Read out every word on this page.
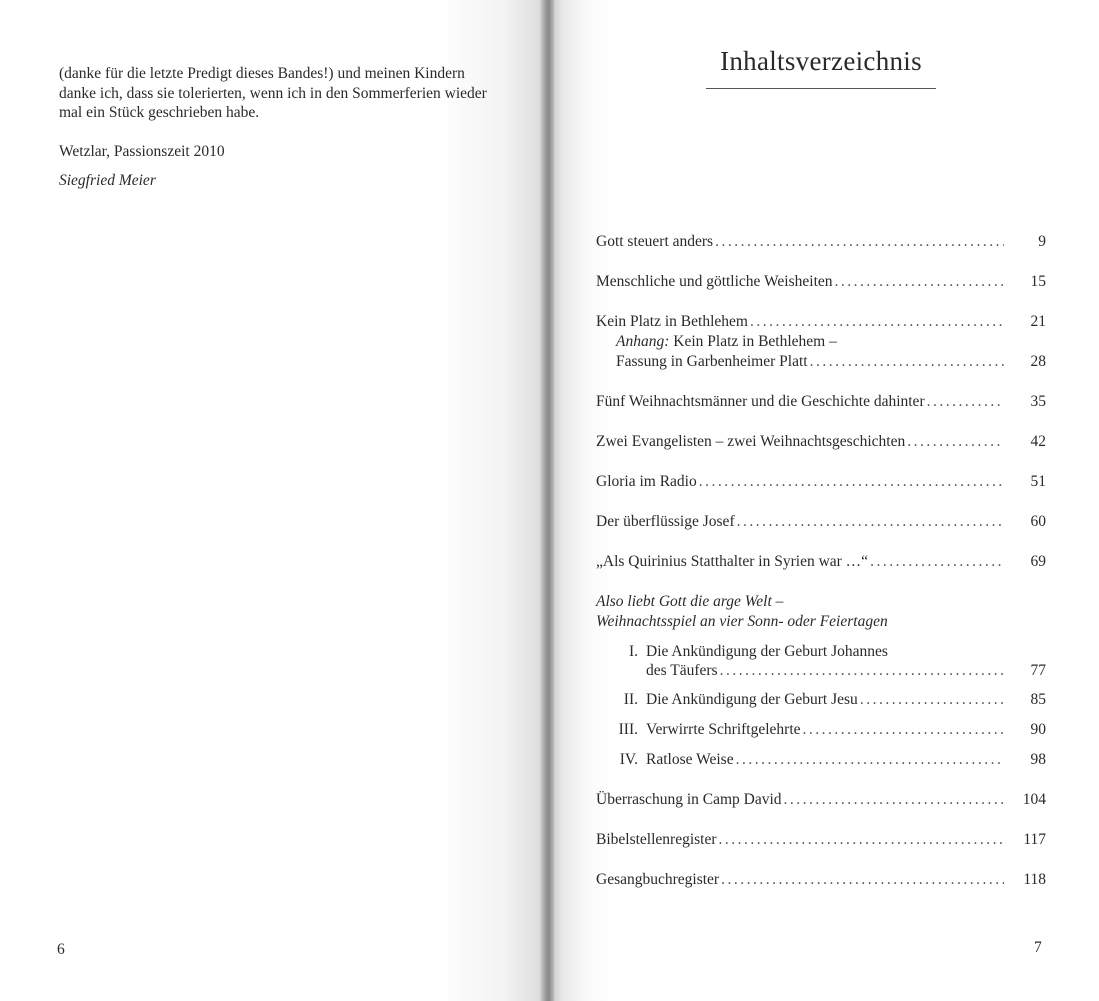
(danke für die letzte Predigt dieses Bandes!) und meinen Kindern

danke ich, dass sie tolerierten, wenn ich in den Sommerferien wieder

mal ein Stück geschrieben habe.

Wetzlar, Passionszeit 2010
Siegfried Meier
6
Inhaltsverzeichnis
Gott steuert anders .....	9
Menschliche und göttliche Weisheiten .....	15
Kein Platz in Bethlehem .....	21
Anhang: Kein Platz in Bethlehem –
Fassung in Garbenheimer Platt .....	28
Fünf Weihnachtsmänner und die Geschichte dahinter .....	35
Zwei Evangelisten – zwei Weihnachtsgeschichten .....	42
Gloria im Radio .....	51
Der überflüssige Josef .....	60
„Als Quirinius Statthalter in Syrien war …“ .....	69
Also liebt Gott die arge Welt –
Weihnachtsspiel an vier Sonn- oder Feiertagen
I. Die Ankündigung der Geburt Johannes
des Täufers .....	77
II. Die Ankündigung der Geburt Jesu .....	85
III. Verwirrte Schriftgelehrte .....	90
IV. Ratlose Weise .....	98
Überraschung in Camp David .....	104
Bibelstellenregister .....	117
Gesangbuchregister .....	118
7
